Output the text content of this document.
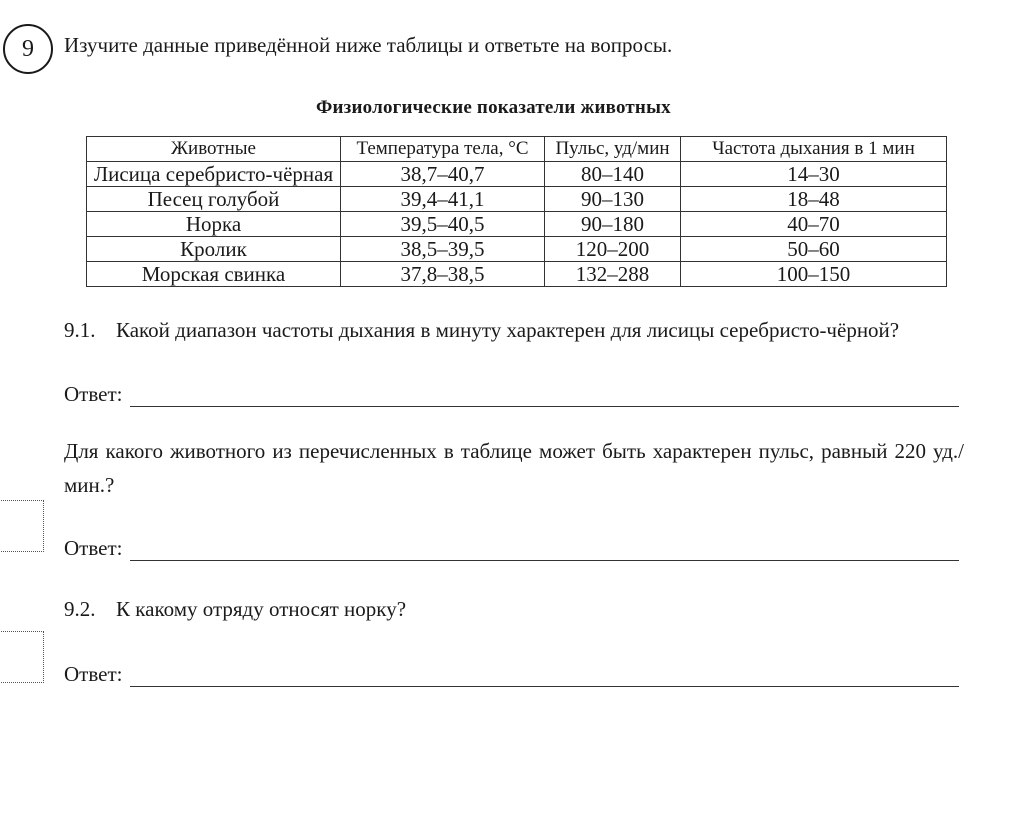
9 Изучите данные приведённой ниже таблицы и ответьте на вопросы.
Физиологические показатели животных
Животные	Температура тела, °С	Пульс, уд/мин	Частота дыхания в 1 мин
Лисица серебристо-чёрная	38,7–40,7	80–140	14–30
Песец голубой	39,4–41,1	90–130	18–48
Норка	39,5–40,5	90–180	40–70
Кролик	38,5–39,5	120–200	50–60
Морская свинка	37,8–38,5	132–288	100–150
9.1. Какой диапазон частоты дыхания в минуту характерен для лисицы серебристо-чёрной?
Ответ:
Для какого животного из перечисленных в таблице может быть характерен пульс, равный 220 уд./мин.?
Ответ:
9.2. К какому отряду относят норку?
Ответ:
